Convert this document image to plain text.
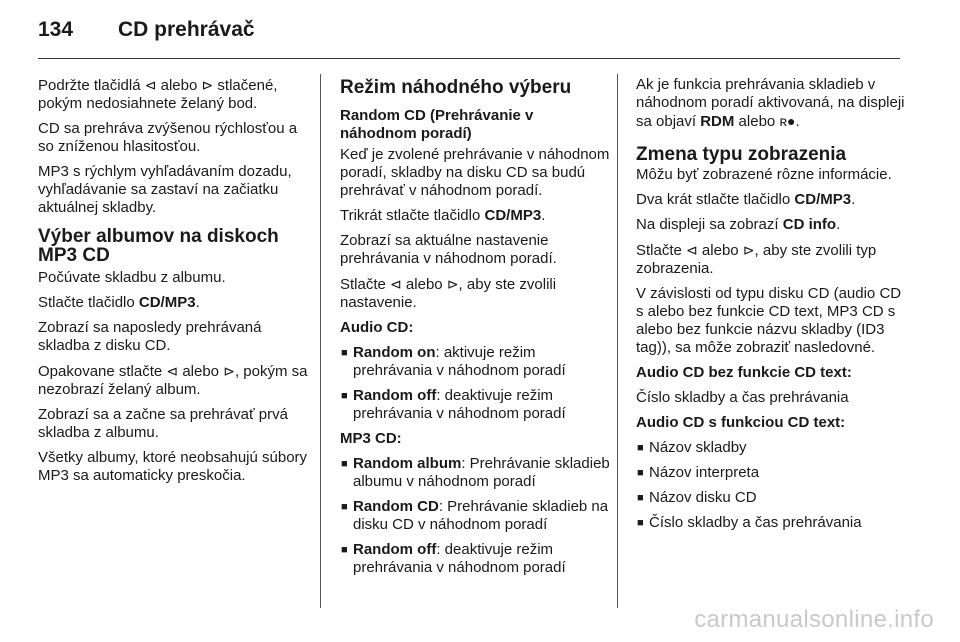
134	CD prehrávač
Podržte tlačidlá ⊲ alebo ⊳ stlačené, pokým nedosiahnete želaný bod.
CD sa prehráva zvýšenou rýchlosťou a so zníženou hlasitosťou.
MP3 s rýchlym vyhľadávaním dozadu, vyhľadávanie sa zastaví na začiatku aktuálnej skladby.
Výber albumov na diskoch MP3 CD
Počúvate skladbu z albumu.
Stlačte tlačidlo CD/MP3.
Zobrazí sa naposledy prehrávaná skladba z disku CD.
Opakovane stlačte ⊲ alebo ⊳, pokým sa nezobrazí želaný album.
Zobrazí sa a začne sa prehrávať prvá skladba z albumu.
Všetky albumy, ktoré neobsahujú súbory MP3 sa automaticky preskočia.
Režim náhodného výberu
Random CD (Prehrávanie v náhodnom poradí)
Keď je zvolené prehrávanie v náhodnom poradí, skladby na disku CD sa budú prehrávať v náhodnom poradí.
Trikrát stlačte tlačidlo CD/MP3.
Zobrazí sa aktuálne nastavenie prehrávania v náhodnom poradí.
Stlačte ⊲ alebo ⊳, aby ste zvolili nastavenie.
Audio CD:
■ Random on: aktivuje režim prehrávania v náhodnom poradí
■ Random off: deaktivuje režim prehrávania v náhodnom poradí
MP3 CD:
■ Random album: Prehrávanie skladieb albumu v náhodnom poradí
■ Random CD: Prehrávanie skladieb na disku CD v náhodnom poradí
■ Random off: deaktivuje režim prehrávania v náhodnom poradí
Ak je funkcia prehrávania skladieb v náhodnom poradí aktivovaná, na displeji sa objaví RDM alebo ʀ●.
Zmena typu zobrazenia
Môžu byť zobrazené rôzne informácie.
Dva krát stlačte tlačidlo CD/MP3.
Na displeji sa zobrazí CD info.
Stlačte ⊲ alebo ⊳, aby ste zvolili typ zobrazenia.
V závislosti od typu disku CD (audio CD s alebo bez funkcie CD text, MP3 CD s alebo bez funkcie názvu skladby (ID3 tag)), sa môže zobraziť nasledovné.
Audio CD bez funkcie CD text:
Číslo skladby a čas prehrávania
Audio CD s funkciou CD text:
■ Názov skladby
■ Názov interpreta
■ Názov disku CD
■ Číslo skladby a čas prehrávania
carmanualsonline.info
